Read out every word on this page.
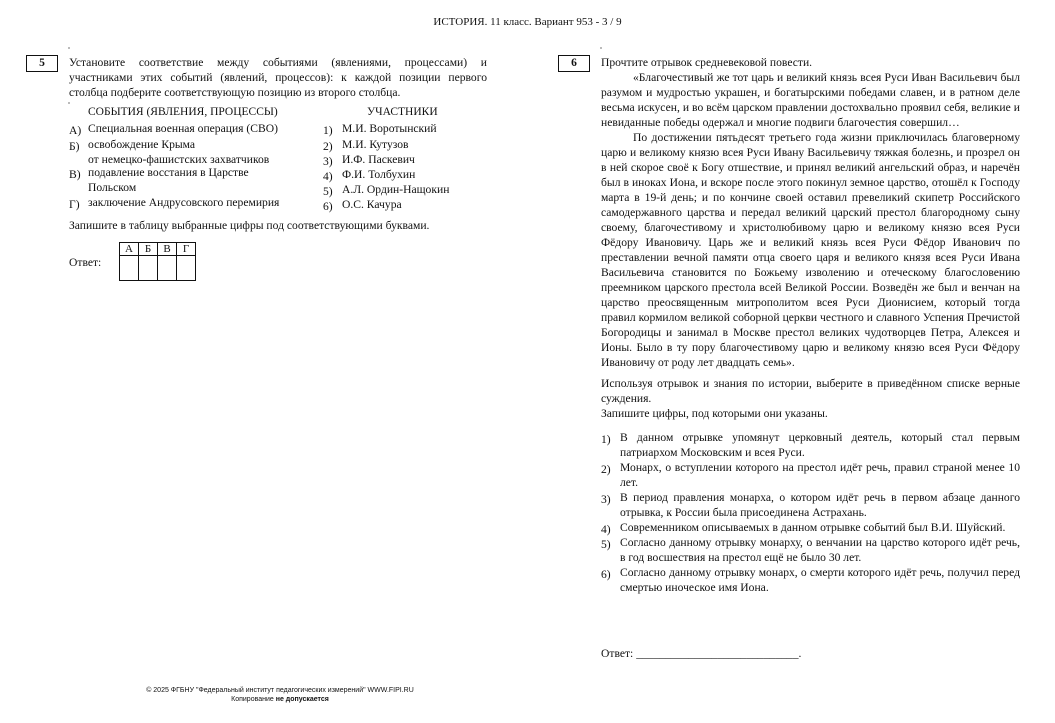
ИСТОРИЯ. 11 класс. Вариант 953 - 3 / 9
5	Установите соответствие между событиями (явлениями, процессами) и участниками этих событий (явлений, процессов): к каждой позиции первого столбца подберите соответствующую позицию из второго столбца.

СОБЫТИЯ (ЯВЛЕНИЯ, ПРОЦЕССЫ)	УЧАСТНИКИ
А) Специальная военная операция (СВО)
Б) освобождение Крыма
от немецко-фашистских захватчиков
В) подавление восстания в Царстве
Польском
Г) заключение Андрусовского перемирия
1) М.И. Воротынский
2) М.И. Кутузов
3) И.Ф. Паскевич
4) Ф.И. Толбухин
5) А.Л. Ордин-Нащокин
6) О.С. Качура

Запишите в таблицу выбранные цифры под соответствующими буквами.

Ответ:
А	Б	В	Г

6	Прочтите отрывок средневековой повести.

«Благочестивый же тот царь и великий князь всея Руси Иван Васильевич был разумом и мудростью украшен, и богатырскими победами славен, и в ратном деле весьма искусен, и во всём царском правлении достохвально проявил себя, великие и невиданные победы одержал и многие подвиги благочестия совершил…

По достижении пятьдесят третьего года жизни приключилась благоверному царю и великому князю всея Руси Ивану Васильевичу тяжкая болезнь, и прозрел он в ней скорое своё к Богу отшествие, и принял великий ангельский образ, и наречён был в иноках Иона, и вскоре после этого покинул земное царство, отошёл к Господу марта в 19-й день; и по кончине своей оставил превеликий скипетр Российского самодержавного царства и передал великий царский престол благородному сыну своему, благочестивому и христолюбивому царю и великому князю всея Руси Фёдору Ивановичу. Царь же и великий князь всея Руси Фёдор Иванович по преставлении вечной памяти отца своего царя и великого князя всея Руси Ивана Васильевича становится по Божьему изволению и отеческому благословению преемником царского престола всей Великой России. Возведён же был и венчан на царство преосвященным митрополитом всея Руси Дионисием, который тогда правил кормилом великой соборной церкви честного и славного Успения Пречистой Богородицы и занимал в Москве престол великих чудотворцев Петра, Алексея и Ионы. Было в ту пору благочестивому царю и великому князю всея Руси Фёдору Ивановичу от роду лет двадцать семь».

Используя отрывок и знания по истории, выберите в приведённом списке верные суждения.

Запишите цифры, под которыми они указаны.

1) В данном отрывке упомянут церковный деятель, который стал первым патриархом Московским и всея Руси.
2) Монарх, о вступлении которого на престол идёт речь, правил страной менее 10 лет.
3) В период правления монарха, о котором идёт речь в первом абзаце данного отрывка, к России была присоединена Астрахань.
4) Современником описываемых в данном отрывке событий был В.И. Шуйский.
5) Согласно данному отрывку монарху, о венчании на царство которого идёт речь, в год восшествия на престол ещё не было 30 лет.
6) Согласно данному отрывку монарх, о смерти которого идёт речь, получил перед смертью иноческое имя Иона.
Ответ: ____________________________.
© 2025 ФГБНУ "Федеральный институт педагогических измерений" WWW.FIPI.RU
Копирование не допускается
